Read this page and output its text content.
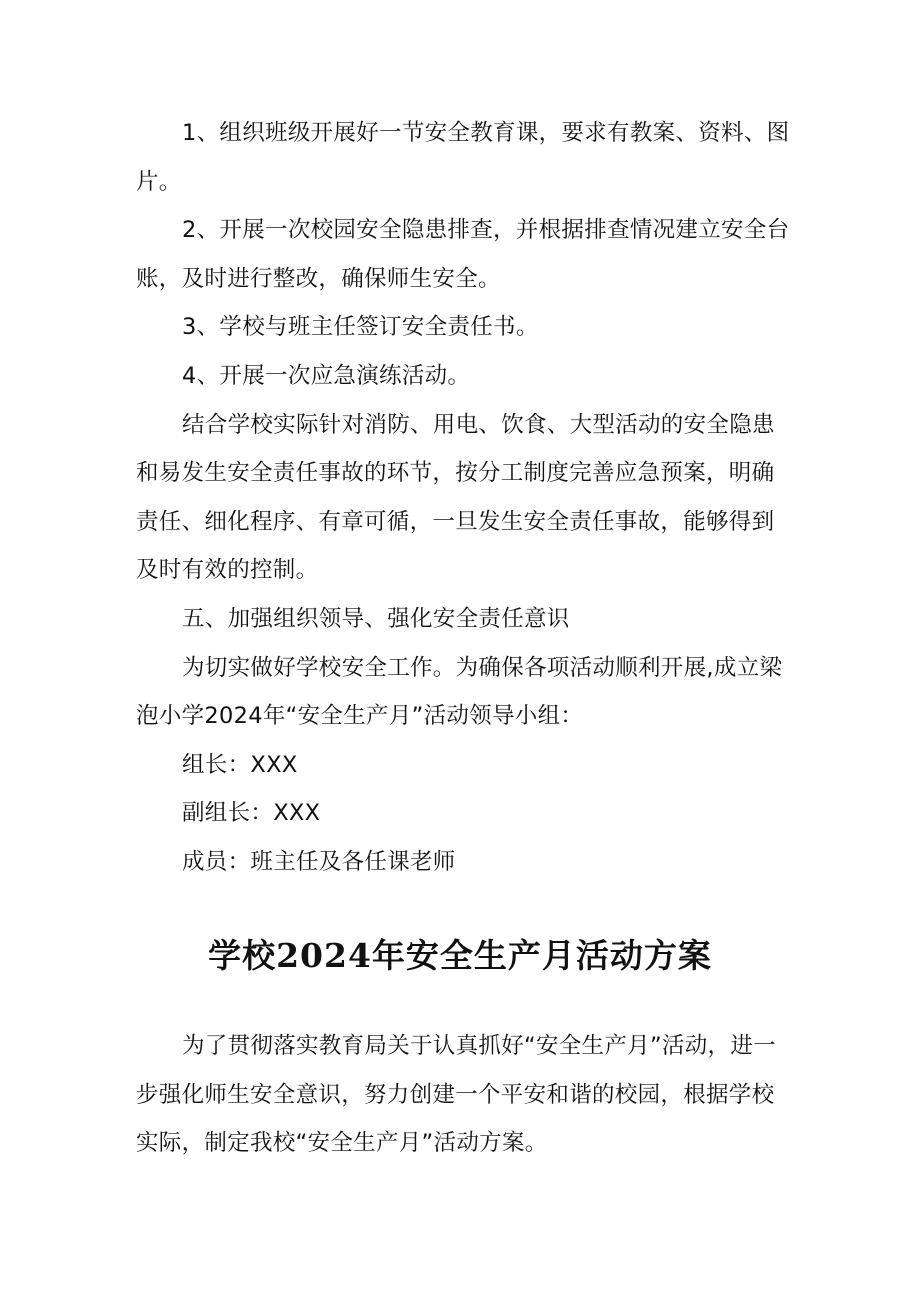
1、组织班级开展好一节安全教育课，要求有教案、资料、图片。

2、开展一次校园安全隐患排查，并根据排查情况建立安全台账，及时进行整改，确保师生安全。

3、学校与班主任签订安全责任书。

4、开展一次应急演练活动。

结合学校实际针对消防、用电、饮食、大型活动的安全隐患和易发生安全责任事故的环节，按分工制度完善应急预案，明确责任、细化程序、有章可循，一旦发生安全责任事故，能够得到及时有效的控制。

五、加强组织领导、强化安全责任意识

为切实做好学校安全工作。为确保各项活动顺利开展,成立梁泡小学2024年“安全生产月”活动领导小组：

组长：XXX

副组长：XXX

成员：班主任及各任课老师

学校2024年安全生产月活动方案

为了贯彻落实教育局关于认真抓好“安全生产月”活动，进一步强化师生安全意识，努力创建一个平安和谐的校园，根据学校实际，制定我校“安全生产月”活动方案。
